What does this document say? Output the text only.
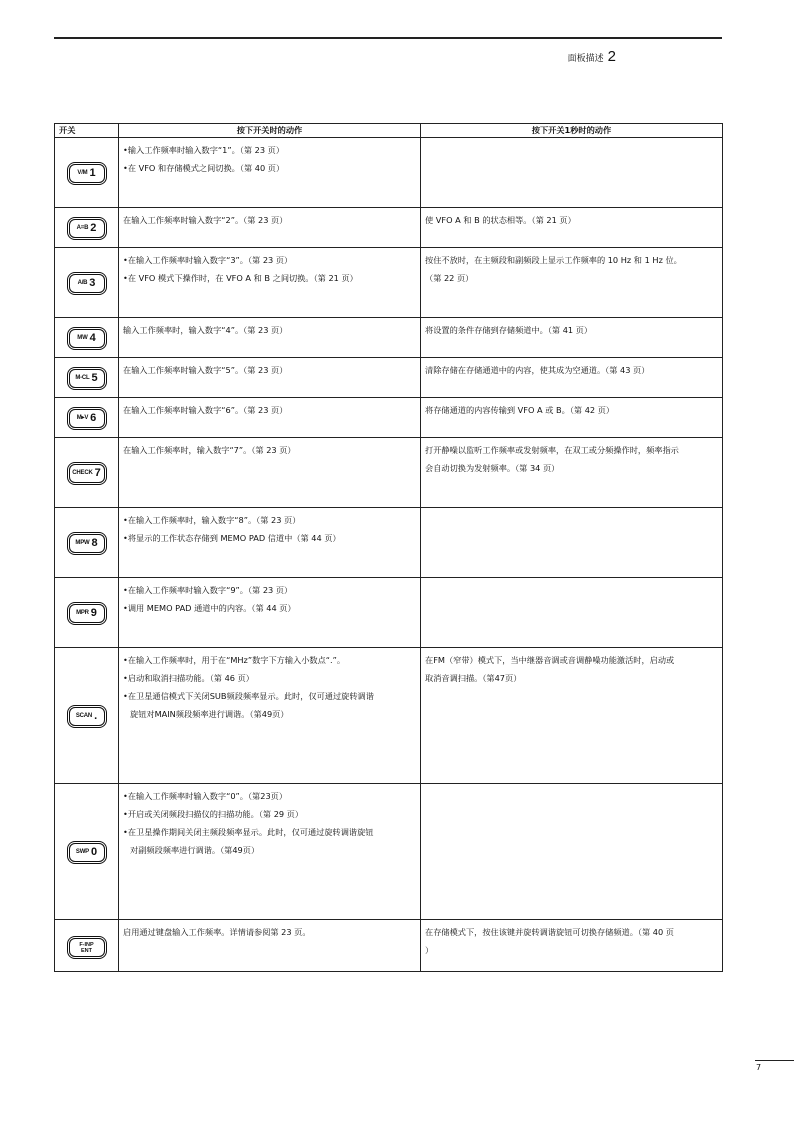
面板描述 2
开关	按下开关时的动作	按下开关1秒时的动作

V/M 1	•输入工作频率时输入数字“1”。（第 23 页）
•在 VFO 和存储模式之间切换。（第 40 页）	

A=B 2	在输入工作频率时输入数字“2”。（第 23 页）	使 VFO A 和 B 的状态相等。（第 21 页）

A/B 3	•在输入工作频率时输入数字“3”。（第 23 页）
•在 VFO 模式下操作时，在 VFO A 和 B 之间切换。（第 21 页）	按住不放时，在主频段和副频段上显示工作频率的 10 Hz 和 1 Hz 位。
（第 22 页）

MW 4	输入工作频率时，输入数字“4”。（第 23 页）	将设置的条件存储到存储频道中。（第 41 页）

M-CL 5	在输入工作频率时输入数字“5”。（第 23 页）	清除存储在存储通道中的内容，使其成为空通道。（第 43 页）

M▸V 6	在输入工作频率时输入数字“6”。（第 23 页）	将存储通道的内容传输到 VFO A 或 B。（第 42 页）

CHECK 7	在输入工作频率时，输入数字“7”。（第 23 页）	打开静噪以监听工作频率或发射频率，在双工或分频操作时，频率指示
会自动切换为发射频率。（第 34 页）

MPW 8	•在输入工作频率时，输入数字“8”。（第 23 页）
•将显示的工作状态存储到 MEMO PAD 信道中（第 44 页）	

MPR 9	•在输入工作频率时输入数字“9”。（第 23 页）
•调用 MEMO PAD 通道中的内容。（第 44 页）	

SCAN .	•在输入工作频率时，用于在“MHz”数字下方输入小数点“.”。
•启动和取消扫描功能。（第 46 页）
•在卫星通信模式下关闭SUB频段频率显示。此时，仅可通过旋转调谐
旋钮对MAIN频段频率进行调谐。（第49页）	在FM（窄带）模式下，当中继器音调或音调静噪功能激活时，启动或
取消音调扫描。（第47页）

SWP 0	•在输入工作频率时输入数字“0”。（第23页）
•开启或关闭频段扫描仪的扫描功能。（第 29 页）
•在卫星操作期间关闭主频段频率显示。此时，仅可通过旋转调谐旋钮
对副频段频率进行调谐。（第49页）	

F-INP
ENT	启用通过键盘输入工作频率。详情请参阅第 23 页。	在存储模式下，按住该键并旋转调谐旋钮可切换存储频道。（第 40 页
）
7
